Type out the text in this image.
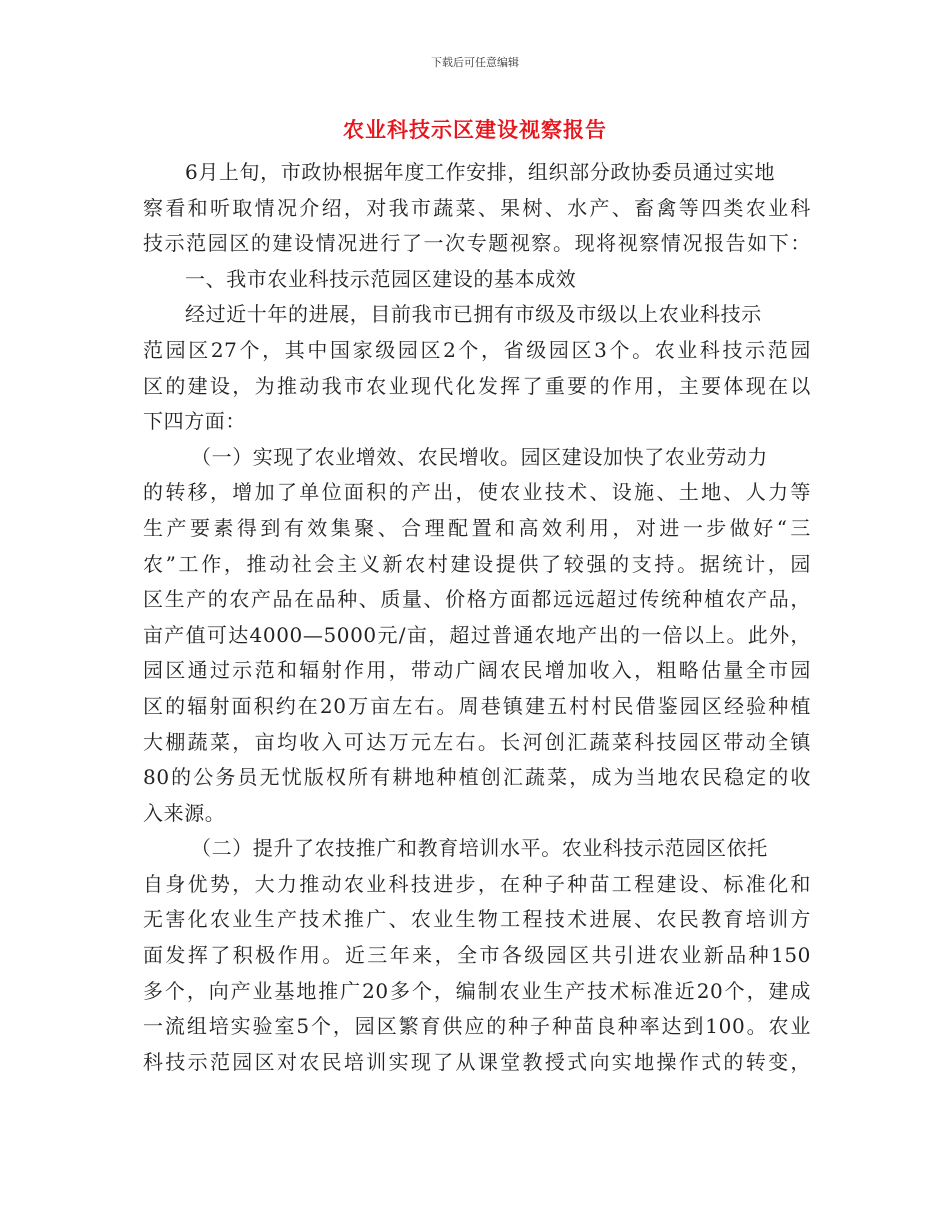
下载后可任意编辑
农业科技示区建设视察报告
6月上旬，市政协根据年度工作安排，组织部分政协委员通过实地
察看和听取情况介绍，对我市蔬菜、果树、水产、畜禽等四类农业科
技示范园区的建设情况进行了一次专题视察。现将视察情况报告如下：
一、我市农业科技示范园区建设的基本成效
经过近十年的进展，目前我市已拥有市级及市级以上农业科技示
范园区27个，其中国家级园区2个，省级园区3个。农业科技示范园
区的建设，为推动我市农业现代化发挥了重要的作用，主要体现在以
下四方面：
（一）实现了农业增效、农民增收。园区建设加快了农业劳动力
的转移，增加了单位面积的产出，使农业技术、设施、土地、人力等
生产要素得到有效集聚、合理配置和高效利用，对进一步做好“三
农”工作，推动社会主义新农村建设提供了较强的支持。据统计，园
区生产的农产品在品种、质量、价格方面都远远超过传统种植农产品，
亩产值可达4000—5000元/亩，超过普通农地产出的一倍以上。此外，
园区通过示范和辐射作用，带动广阔农民增加收入，粗略估量全市园
区的辐射面积约在20万亩左右。周巷镇建五村村民借鉴园区经验种植
大棚蔬菜，亩均收入可达万元左右。长河创汇蔬菜科技园区带动全镇
80的公务员无忧版权所有耕地种植创汇蔬菜，成为当地农民稳定的收
入来源。
（二）提升了农技推广和教育培训水平。农业科技示范园区依托
自身优势，大力推动农业科技进步，在种子种苗工程建设、标准化和
无害化农业生产技术推广、农业生物工程技术进展、农民教育培训方
面发挥了积极作用。近三年来，全市各级园区共引进农业新品种150
多个，向产业基地推广20多个，编制农业生产技术标准近20个，建成
一流组培实验室5个，园区繁育供应的种子种苗良种率达到100。农业
科技示范园区对农民培训实现了从课堂教授式向实地操作式的转变，
